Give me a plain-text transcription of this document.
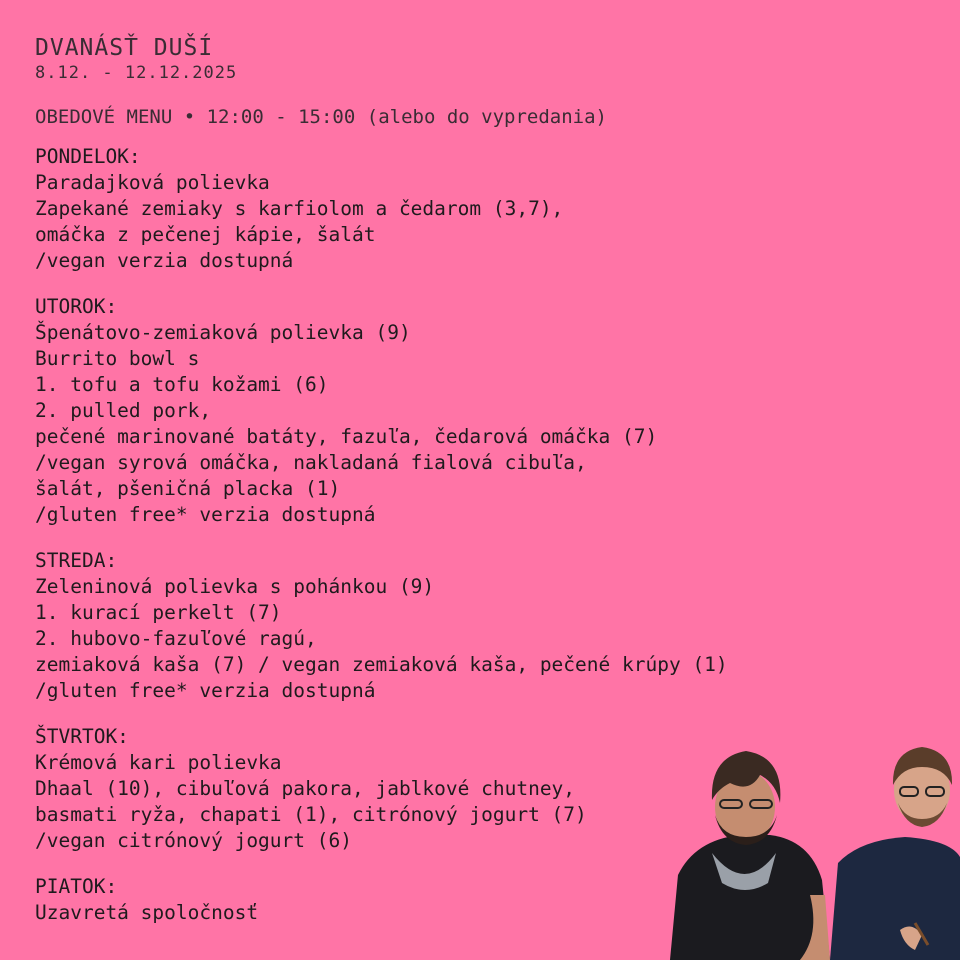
DVANÁSŤ DUŠÍ
8.12. - 12.12.2025
OBEDOVÉ MENU • 12:00 - 15:00 (alebo do vypredania)
PONDELOK:
Paradajková polievka
Zapekané zemiaky s karfiolom a čedarom (3,7),
omáčka z pečenej kápie, šalát
/vegan verzia dostupná
UTOROK:
Špenátovo-zemiaková polievka (9)
Burrito bowl s
1. tofu a tofu kožami (6)
2. pulled pork,
pečené marinované batáty, fazuľa, čedarová omáčka (7)
/vegan syrová omáčka, nakladaná fialová cibuľa,
šalát, pšeničná placka (1)
/gluten free* verzia dostupná
STREDA:
Zeleninová polievka s pohánkou (9)
1. kurací perkelt (7)
2. hubovo-fazuľové ragú,
zemiaková kaša (7) / vegan zemiaková kaša, pečené krúpy (1)
/gluten free* verzia dostupná
ŠTVRTOK:
Krémová kari polievka
Dhaal (10), cibuľová pakora, jablkové chutney,
basmati ryža, chapati (1), citrónový jogurt (7)
/vegan citrónový jogurt (6)
PIATOK:
Uzavretá spoločnosť
